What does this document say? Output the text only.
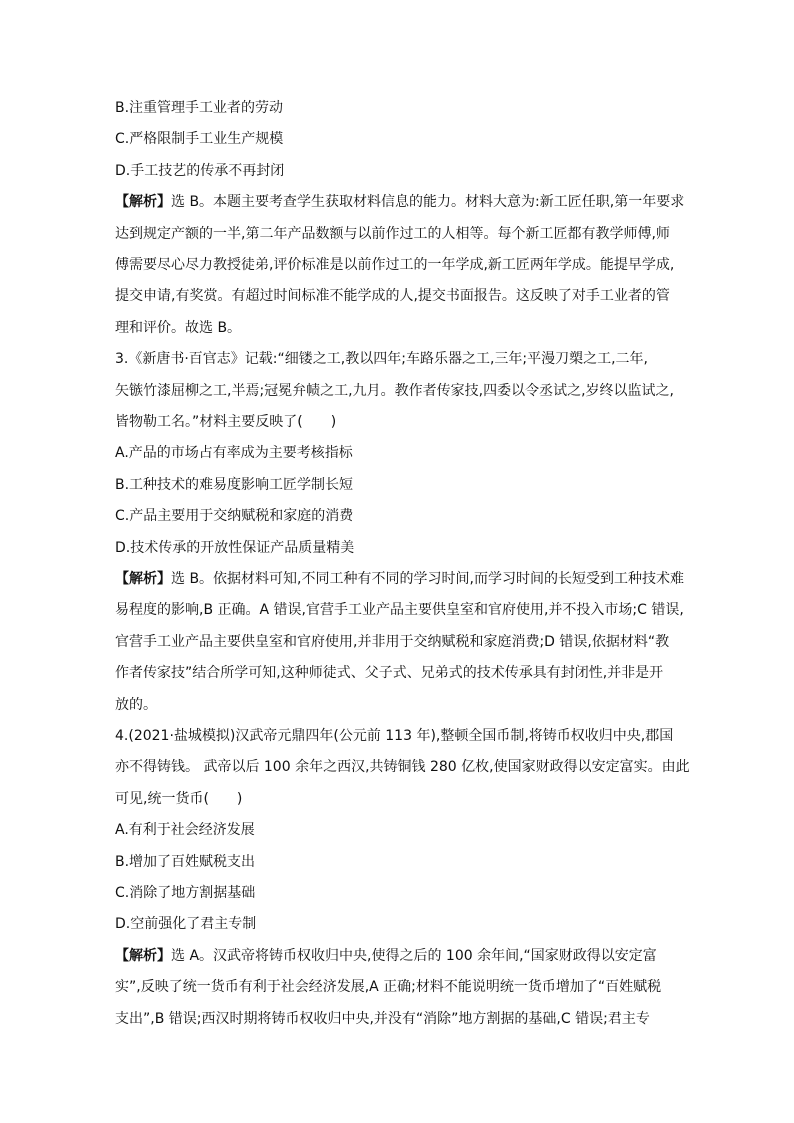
B.注重管理手工业者的劳动
C.严格限制手工业生产规模
D.手工技艺的传承不再封闭
【解析】选 B。本题主要考查学生获取材料信息的能力。材料大意为:新工匠任职,第一年要求
达到规定产额的一半,第二年产品数额与以前作过工的人相等。每个新工匠都有教学师傅,师
傅需要尽心尽力教授徒弟,评价标准是以前作过工的一年学成,新工匠两年学成。能提早学成,
提交申请,有奖赏。有超过时间标准不能学成的人,提交书面报告。这反映了对手工业者的管
理和评价。故选 B。
3.《新唐书·百官志》记载:“细镂之工,教以四年;车路乐器之工,三年;平漫刀槊之工,二年,
矢镞竹漆屈柳之工,半焉;冠冕弁帻之工,九月。教作者传家技,四委以令丞试之,岁终以监试之,
皆物勒工名。”材料主要反映了(　　)
A.产品的市场占有率成为主要考核指标
B.工种技术的难易度影响工匠学制长短
C.产品主要用于交纳赋税和家庭的消费
D.技术传承的开放性保证产品质量精美
【解析】选 B。依据材料可知,不同工种有不同的学习时间,而学习时间的长短受到工种技术难
易程度的影响,B 正确。A 错误,官营手工业产品主要供皇室和官府使用,并不投入市场;C 错误,
官营手工业产品主要供皇室和官府使用,并非用于交纳赋税和家庭消费;D 错误,依据材料“教
作者传家技”结合所学可知,这种师徒式、父子式、兄弟式的技术传承具有封闭性,并非是开
放的。
4.(2021·盐城模拟)汉武帝元鼎四年(公元前 113 年),整顿全国币制,将铸币权收归中央,郡国
亦不得铸钱。 武帝以后 100 余年之西汉,共铸铜钱 280 亿枚,使国家财政得以安定富实。由此
可见,统一货币(　　)
A.有利于社会经济发展
B.增加了百姓赋税支出
C.消除了地方割据基础
D.空前强化了君主专制
【解析】选 A。汉武帝将铸币权收归中央,使得之后的 100 余年间,“国家财政得以安定富
实”,反映了统一货币有利于社会经济发展,A 正确;材料不能说明统一货币增加了“百姓赋税
支出”,B 错误;西汉时期将铸币权收归中央,并没有“消除”地方割据的基础,C 错误;君主专
